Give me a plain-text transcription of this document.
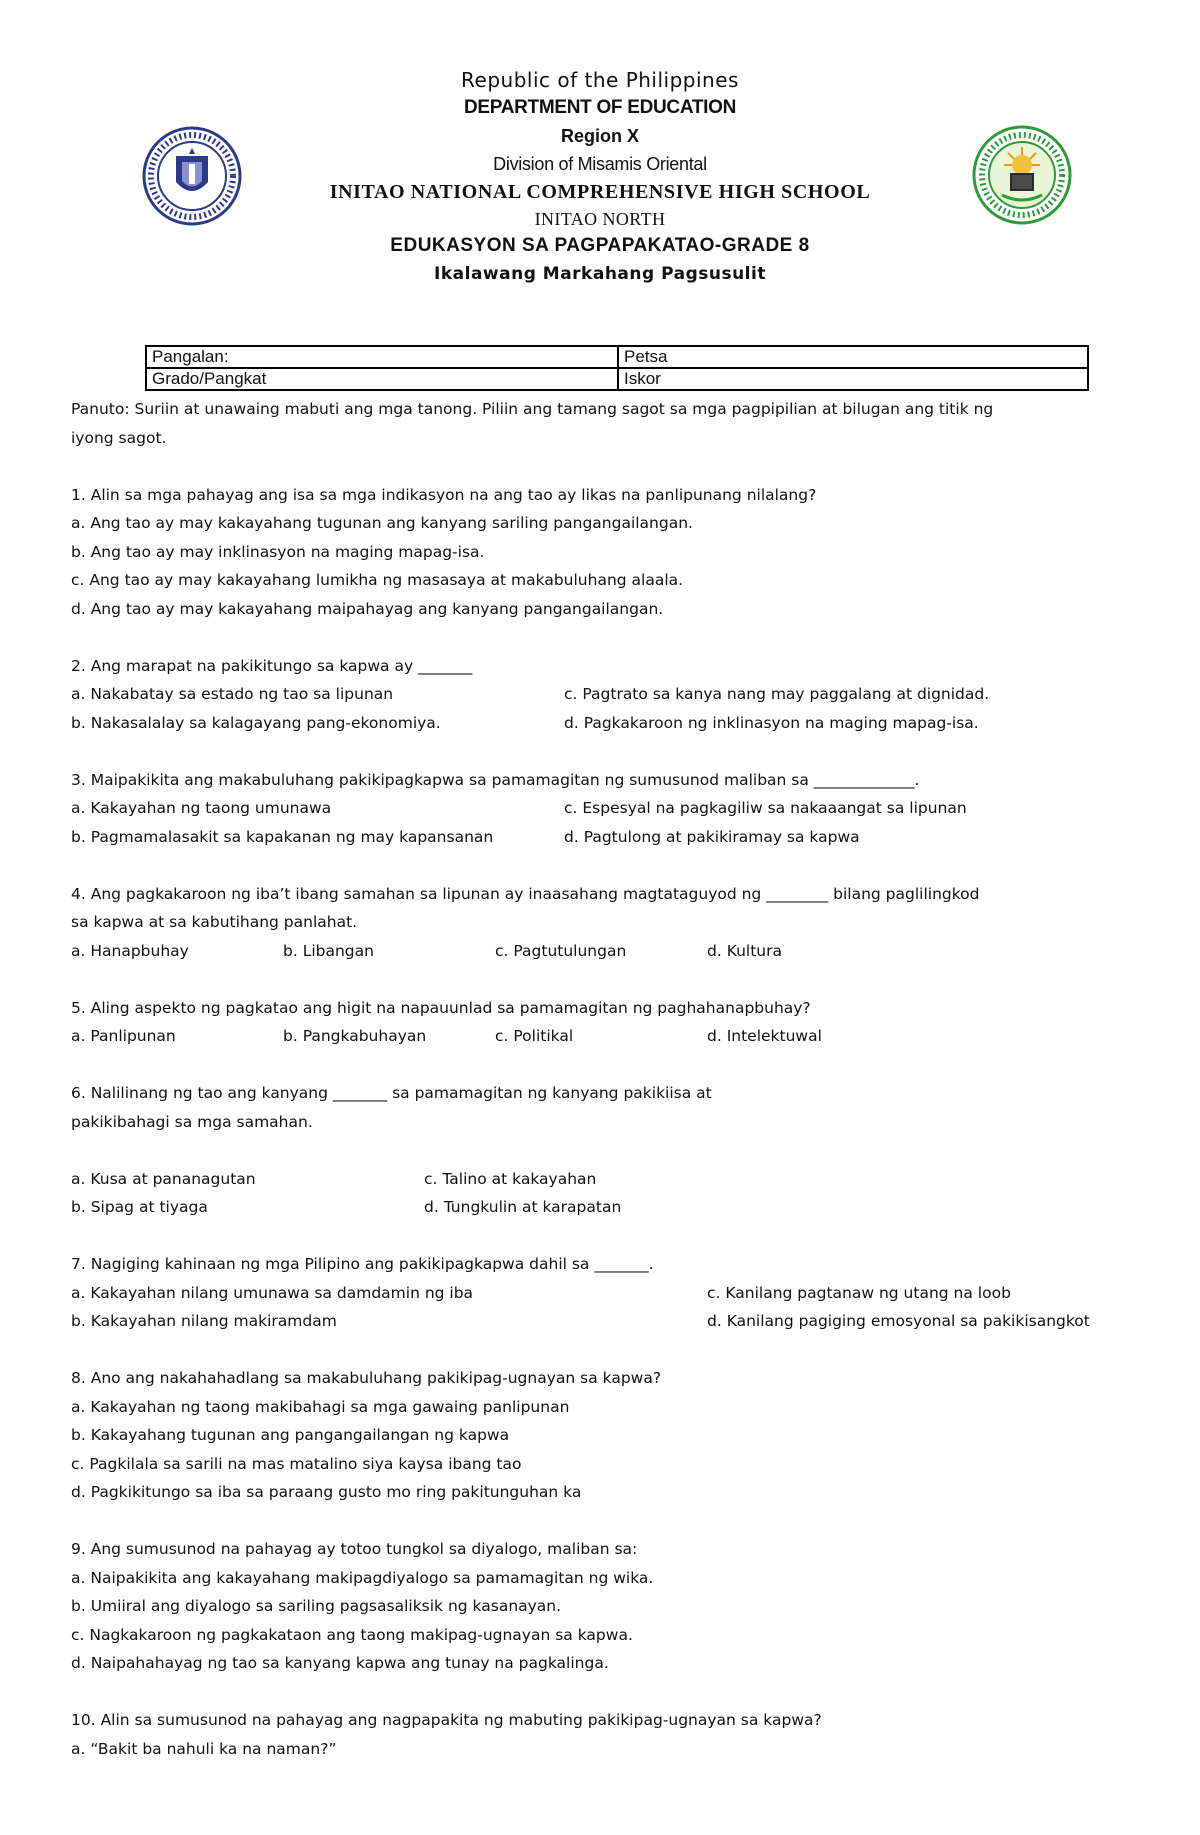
Republic of the Philippines
DEPARTMENT OF EDUCATION
Region X
Division of Misamis Oriental
INITAO NATIONAL COMPREHENSIVE HIGH SCHOOL
INITAO NORTH
EDUKASYON SA PAGPAPAKATAO-GRADE 8
Ikalawang Markahang Pagsusulit
Pangalan:	Petsa
Grado/Pangkat	Iskor
Panuto: Suriin at unawaing mabuti ang mga tanong. Piliin ang tamang sagot sa mga pagpipilian at bilugan ang titik ng
iyong sagot.
1. Alin sa mga pahayag ang isa sa mga indikasyon na ang tao ay likas na panlipunang nilalang?
a. Ang tao ay may kakayahang tugunan ang kanyang sariling pangangailangan.
b. Ang tao ay may inklinasyon na maging mapag-isa.
c. Ang tao ay may kakayahang lumikha ng masasaya at makabuluhang alaala.
d. Ang tao ay may kakayahang maipahayag ang kanyang pangangailangan.
2. Ang marapat na pakikitungo sa kapwa ay _______
a. Nakabatay sa estado ng tao sa lipunan	c. Pagtrato sa kanya nang may paggalang at dignidad.
b. Nakasalalay sa kalagayang pang-ekonomiya.	d. Pagkakaroon ng inklinasyon na maging mapag-isa.
3. Maipakikita ang makabuluhang pakikipagkapwa sa pamamagitan ng sumusunod maliban sa _____________.
a. Kakayahan ng taong umunawa	c. Espesyal na pagkagiliw sa nakaaangat sa lipunan
b. Pagmamalasakit sa kapakanan ng may kapansanan	d. Pagtulong at pakikiramay sa kapwa
4. Ang pagkakaroon ng iba’t ibang samahan sa lipunan ay inaasahang magtataguyod ng ________ bilang paglilingkod
sa kapwa at sa kabutihang panlahat.
a. Hanapbuhay	b. Libangan	c. Pagtutulungan	d. Kultura
5. Aling aspekto ng pagkatao ang higit na napauunlad sa pamamagitan ng paghahanapbuhay?
a. Panlipunan	b. Pangkabuhayan	c. Politikal	d. Intelektuwal
6. Nalilinang ng tao ang kanyang _______ sa pamamagitan ng kanyang pakikiisa at
pakikibahagi sa mga samahan.
a. Kusa at pananagutan	c. Talino at kakayahan
b. Sipag at tiyaga	d. Tungkulin at karapatan
7. Nagiging kahinaan ng mga Pilipino ang pakikipagkapwa dahil sa _______.
a. Kakayahan nilang umunawa sa damdamin ng iba	c. Kanilang pagtanaw ng utang na loob
b. Kakayahan nilang makiramdam	d. Kanilang pagiging emosyonal sa pakikisangkot
8. Ano ang nakahahadlang sa makabuluhang pakikipag-ugnayan sa kapwa?
a. Kakayahan ng taong makibahagi sa mga gawaing panlipunan
b. Kakayahang tugunan ang pangangailangan ng kapwa
c. Pagkilala sa sarili na mas matalino siya kaysa ibang tao
d. Pagkikitungo sa iba sa paraang gusto mo ring pakitunguhan ka
9. Ang sumusunod na pahayag ay totoo tungkol sa diyalogo, maliban sa:
a. Naipakikita ang kakayahang makipagdiyalogo sa pamamagitan ng wika.
b. Umiiral ang diyalogo sa sariling pagsasaliksik ng kasanayan.
c. Nagkakaroon ng pagkakataon ang taong makipag-ugnayan sa kapwa.
d. Naipahahayag ng tao sa kanyang kapwa ang tunay na pagkalinga.
10. Alin sa sumusunod na pahayag ang nagpapakita ng mabuting pakikipag-ugnayan sa kapwa?
a. “Bakit ba nahuli ka na naman?”
